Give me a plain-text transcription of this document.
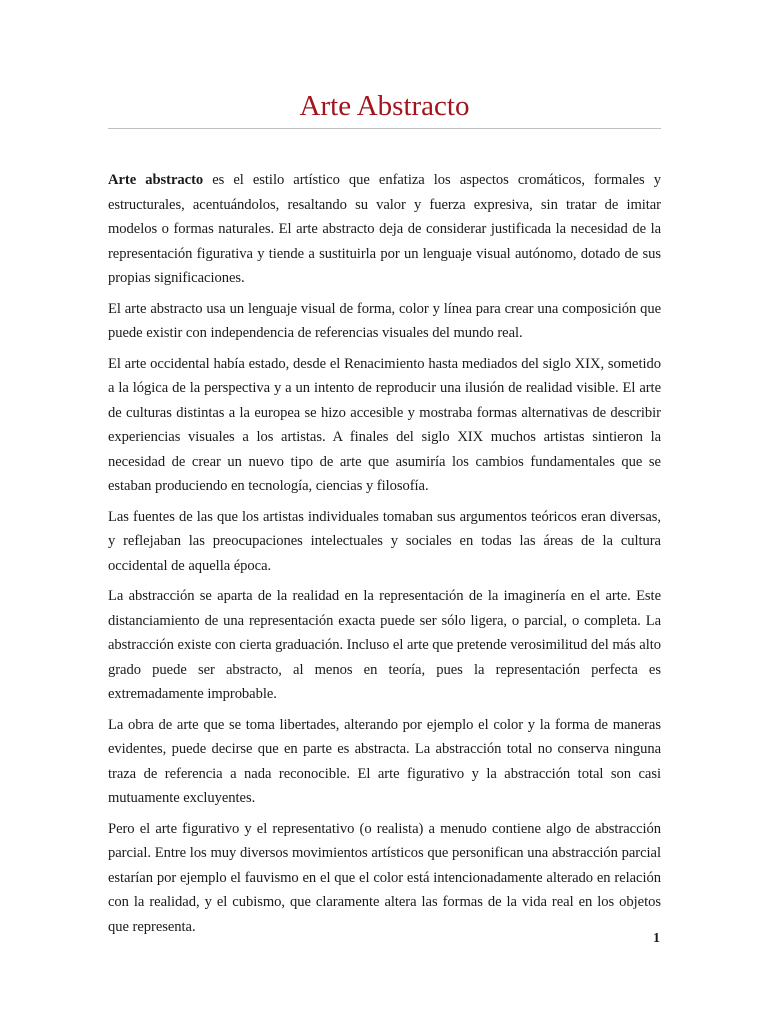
Arte Abstracto

Arte abstracto es el estilo artístico que enfatiza los aspectos cromáticos, formales y estructurales, acentuándolos, resaltando su valor y fuerza expresiva, sin tratar de imitar modelos o formas naturales. El arte abstracto deja de considerar justificada la necesidad de la representación figurativa y tiende a sustituirla por un lenguaje visual autónomo, dotado de sus propias significaciones.

El arte abstracto usa un lenguaje visual de forma, color y línea para crear una composición que puede existir con independencia de referencias visuales del mundo real.

El arte occidental había estado, desde el Renacimiento hasta mediados del siglo XIX, sometido a la lógica de la perspectiva y a un intento de reproducir una ilusión de realidad visible. El arte de culturas distintas a la europea se hizo accesible y mostraba formas alternativas de describir experiencias visuales a los artistas. A finales del siglo XIX muchos artistas sintieron la necesidad de crear un nuevo tipo de arte que asumiría los cambios fundamentales que se estaban produciendo en tecnología, ciencias y filosofía.

Las fuentes de las que los artistas individuales tomaban sus argumentos teóricos eran diversas, y reflejaban las preocupaciones intelectuales y sociales en todas las áreas de la cultura occidental de aquella época.

La abstracción se aparta de la realidad en la representación de la imaginería en el arte. Este distanciamiento de una representación exacta puede ser sólo ligera, o parcial, o completa. La abstracción existe con cierta graduación. Incluso el arte que pretende verosimilitud del más alto grado puede ser abstracto, al menos en teoría, pues la representación perfecta es extremadamente improbable.

La obra de arte que se toma libertades, alterando por ejemplo el color y la forma de maneras evidentes, puede decirse que en parte es abstracta. La abstracción total no conserva ninguna traza de referencia a nada reconocible. El arte figurativo y la abstracción total son casi mutuamente excluyentes.

Pero el arte figurativo y el representativo (o realista) a menudo contiene algo de abstracción parcial. Entre los muy diversos movimientos artísticos que personifican una abstracción parcial estarían por ejemplo el fauvismo en el que el color está intencionadamente alterado en relación con la realidad, y el cubismo, que claramente altera las formas de la vida real en los objetos que representa.

1
